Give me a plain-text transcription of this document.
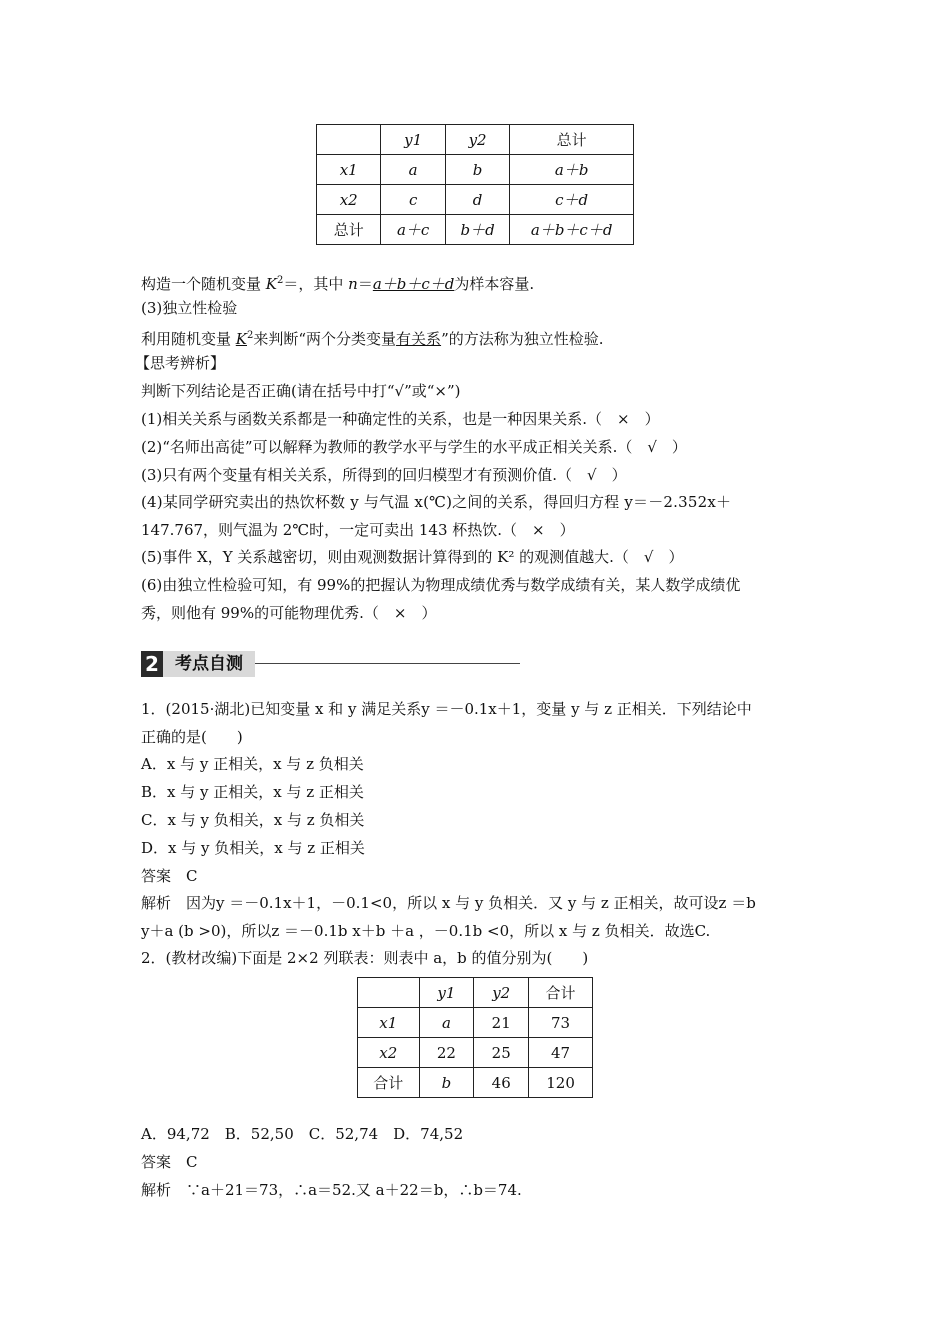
	y1	y2	总计
x1	a	b	a＋b
x2	c	d	c＋d
总计	a＋c	b＋d	a＋b＋c＋d
构造一个随机变量 $K^2=$，其中 n＝a＋b＋c＋d为样本容量.
(3)独立性检验
利用随机变量 $K^2$来判断“两个分类变量有关系”的方法称为独立性检验.
【思考辨析】
判断下列结论是否正确(请在括号中打“√”或“×”)
(1)相关关系与函数关系都是一种确定性的关系，也是一种因果关系.（　×　）
(2)“名师出高徒”可以解释为教师的教学水平与学生的水平成正相关关系.（　√　）
(3)只有两个变量有相关关系，所得到的回归模型才有预测价值.（　√　）
(4)某同学研究卖出的热饮杯数 y 与气温 x(℃)之间的关系，得回归方程 y＝－2.352x＋
147.767，则气温为 2℃时，一定可卖出 143 杯热饮.（　×　）
(5)事件 X，Y 关系越密切，则由观测数据计算得到的 K² 的观测值越大.（　√　）
(6)由独立性检验可知，有 99%的把握认为物理成绩优秀与数学成绩有关，某人数学成绩优
秀，则他有 99%的可能物理优秀.（　×　）
2 考点自测
1．(2015·湖北)已知变量 x 和 y 满足关系y ＝－0.1x＋1，变量 y 与 z 正相关．下列结论中
正确的是(　　)
A．x 与 y 正相关，x 与 z 负相关
B．x 与 y 正相关，x 与 z 正相关
C．x 与 y 负相关，x 与 z 负相关
D．x 与 y 负相关，x 与 z 正相关
答案　C
解析　因为y ＝－0.1x＋1，－0.1<0，所以 x 与 y 负相关．又 y 与 z 正相关，故可设z ＝b
y＋a (b >0)，所以z ＝－0.1b x＋b ＋a ，－0.1b <0，所以 x 与 z 负相关．故选C.
2．(教材改编)下面是 2×2 列联表：则表中 a，b 的值分别为(　　)
	y1	y2	合计
x1	a	21	73
x2	22	25	47
合计	b	46	120
A．94,72　B．52,50　C．52,74　D．74,52
答案　C
解析　∵a＋21＝73，∴a＝52.又 a＋22＝b，∴b＝74.
